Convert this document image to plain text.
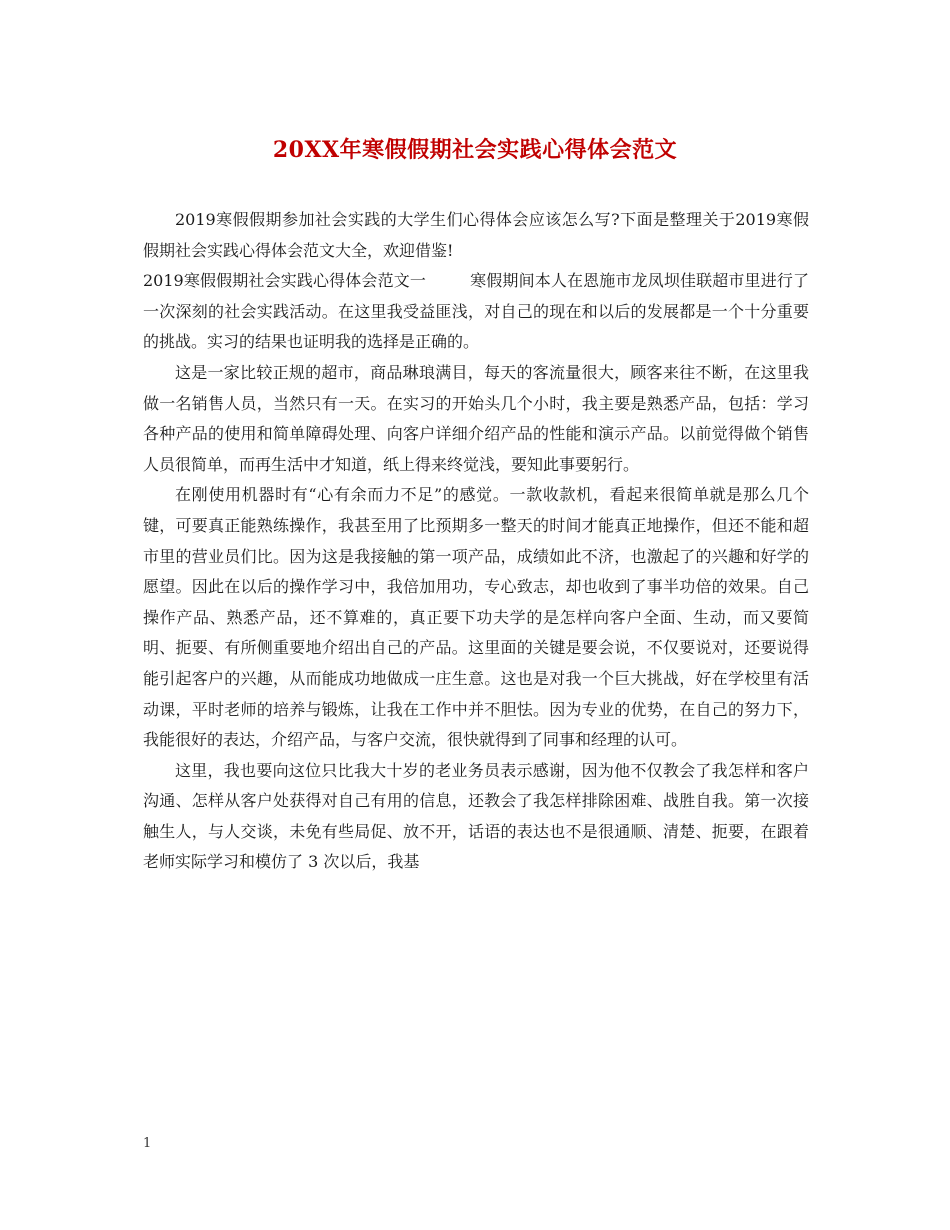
20XX年寒假假期社会实践心得体会范文

2019寒假假期参加社会实践的大学生们心得体会应该怎么写?下面是整理关于2019寒假假期社会实践心得体会范文大全，欢迎借鉴!

2019寒假假期社会实践心得体会范文一	寒假期间本人在恩施市龙凤坝佳联超市里进行了一次深刻的社会实践活动。在这里我受益匪浅，对自己的现在和以后的发展都是一个十分重要的挑战。实习的结果也证明我的选择是正确的。

这是一家比较正规的超市，商品琳琅满目，每天的客流量很大，顾客来往不断，在这里我做一名销售人员，当然只有一天。在实习的开始头几个小时，我主要是熟悉产品，包括：学习各种产品的使用和简单障碍处理、向客户详细介绍产品的性能和演示产品。以前觉得做个销售人员很简单，而再生活中才知道，纸上得来终觉浅，要知此事要躬行。

在刚使用机器时有“心有余而力不足”的感觉。一款收款机，看起来很简单就是那么几个键，可要真正能熟练操作，我甚至用了比预期多一整天的时间才能真正地操作，但还不能和超市里的营业员们比。因为这是我接触的第一项产品，成绩如此不济，也激起了的兴趣和好学的愿望。因此在以后的操作学习中，我倍加用功，专心致志，却也收到了事半功倍的效果。自己操作产品、熟悉产品，还不算难的，真正要下功夫学的是怎样向客户全面、生动，而又要简明、扼要、有所侧重要地介绍出自己的产品。这里面的关键是要会说，不仅要说对，还要说得能引起客户的兴趣，从而能成功地做成一庄生意。这也是对我一个巨大挑战，好在学校里有活动课，平时老师的培养与锻炼，让我在工作中并不胆怯。因为专业的优势，在自己的努力下，我能很好的表达，介绍产品，与客户交流，很快就得到了同事和经理的认可。

这里，我也要向这位只比我大十岁的老业务员表示感谢，因为他不仅教会了我怎样和客户沟通、怎样从客户处获得对自己有用的信息，还教会了我怎样排除困难、战胜自我。第一次接触生人，与人交谈，未免有些局促、放不开，话语的表达也不是很通顺、清楚、扼要，在跟着老师实际学习和模仿了 3 次以后，我基

1
